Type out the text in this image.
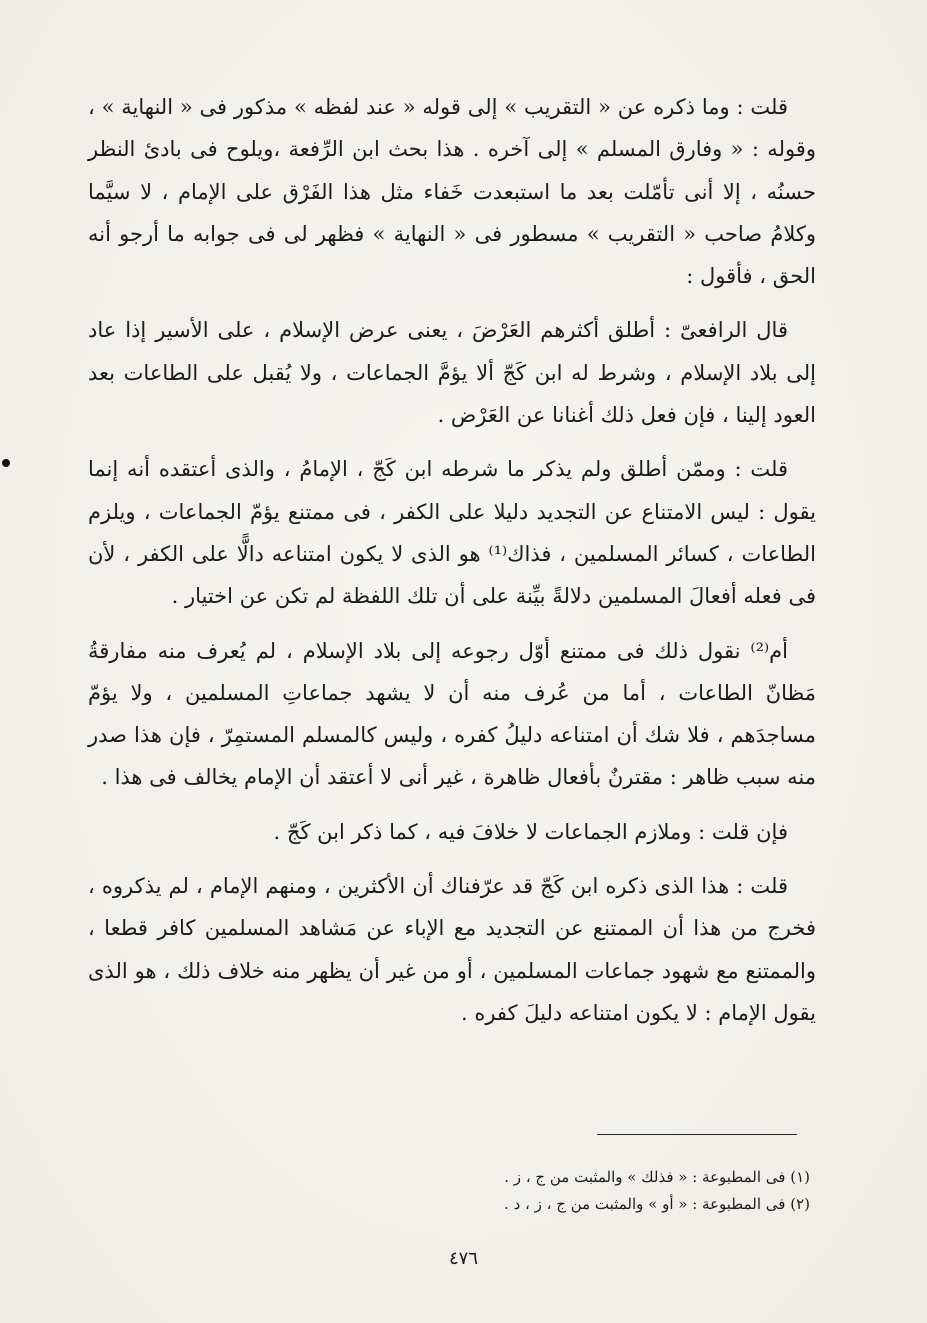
قلت : وما ذكره عن « التقريب » إلى قوله « عند لفظه » مذكور فى « النهاية » ، وقوله : « وفارق المسلم » إلى آخره . هذا بحث ابن الرِّفعة ،ويلوح فى بادئ النظر حسنُه ، إلا أنى تأمّلت بعد ما استبعدت خَفاء مثل هذا الفَرْق على الإمام ، لا سيَّما وكلامُ صاحب « التقريب » مسطور فى « النهاية » فظهر لى فى جوابه ما أرجو أنه الحق ، فأقول :

قال الرافعىّ : أطلق أكثرهم العَرْضَ ، يعنى عرض الإسلام ، على الأسير إذا عاد إلى بلاد الإسلام ، وشرط له ابن كَجّ ألا يؤمَّ الجماعات ، ولا يُقبل على الطاعات بعد العود إلينا ، فإن فعل ذلك أغنانا عن العَرْض .

قلت : وممّن أطلق ولم يذكر ما شرطه ابن كَجّ ، الإمامُ ، والذى أعتقده أنه إنما يقول : ليس الامتناع عن التجديد دليلا على الكفر ، فى ممتنع يؤمّ الجماعات ، ويلزم الطاعات ، كسائر المسلمين ، فذاك⁽¹⁾ هو الذى لا يكون امتناعه دالًّا على الكفر ، لأن فى فعله أفعالَ المسلمين دلالةً بيِّنة على أن تلك اللفظة لم تكن عن اختيار .

أم⁽²⁾ نقول ذلك فى ممتنع أوّل رجوعه إلى بلاد الإسلام ، لم يُعرف منه مفارقةُ مَظانّ الطاعات ، أما من عُرف منه أن لا يشهد جماعاتِ المسلمين ، ولا يؤمّ مساجدَهم ، فلا شك أن امتناعه دليلُ كفره ، وليس كالمسلم المستمِرّ ، فإن هذا صدر منه سبب ظاهر : مقترنٌ بأفعال ظاهرة ، غير أنى لا أعتقد أن الإمام يخالف فى هذا .

فإن قلت : وملازم الجماعات لا خلافَ فيه ، كما ذكر ابن كَجّ .

قلت : هذا الذى ذكره ابن كَجّ قد عرّفناك أن الأكثرين ، ومنهم الإمام ، لم يذكروه ، فخرج من هذا أن الممتنع عن التجديد مع الإباء عن مَشاهد المسلمين كافر قطعا ، والممتنع مع شهود جماعات المسلمين ، أو من غير أن يظهر منه خلاف ذلك ، هو الذى يقول الإمام : لا يكون امتناعه دليلَ كفره .

(١) فى المطبوعة : « فذلك » والمثبت من ج ، ز .

(٢) فى المطبوعة : « أو » والمثبت من ج ، ز ، د .

٤٧٦
